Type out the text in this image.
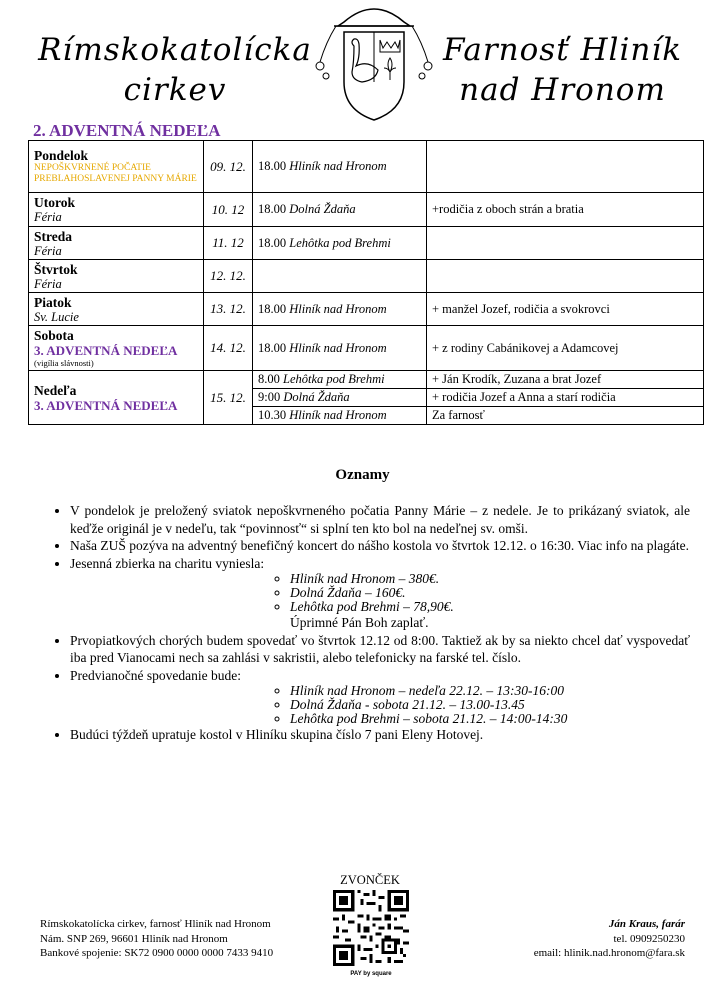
Rímskokatolícka
cirkev
Farnosť Hliník
nad Hronom
2. ADVENTNÁ NEDEĽA
Pondelok
NEPOŠKVRNENÉ POČATIE PREBLAHOSLAVENEJ PANNY MÁRIE	09. 12.	18.00 Hliník nad Hronom	

Utorok
Féria	10. 12	18.00 Dolná Ždaňa	+rodičia z oboch strán a bratia

Streda
Féria	11. 12	18.00 Lehôtka pod Brehmi	

Štvrtok
Féria	12. 12.		

Piatok
Sv. Lucie	13. 12.	18.00 Hliník nad Hronom	+ manžel Jozef, rodičia a svokrovci

Sobota
3. ADVENTNÁ NEDEĽA
(vigília slávnosti)	14. 12.	18.00 Hliník nad Hronom	+ z rodiny Cabánikovej a Adamcovej

Nedeľa
3. ADVENTNÁ NEDEĽA	15. 12.	8.00 Lehôtka pod Brehmi	+ Ján Krodík, Zuzana a brat Jozef
		9:00 Dolná Ždaňa	+ rodičia Jozef a Anna a starí rodičia
		10.30 Hliník nad Hronom	Za farnosť
Oznamy
• V pondelok je preložený sviatok nepoškvrneného počatia Panny Márie – z nedele. Je to prikázaný sviatok, ale keďže originál je v nedeľu, tak “povinnosť“ si splní ten kto bol na nedeľnej sv. omši.
• Naša ZUŠ pozýva na adventný benefičný koncert do nášho kostola vo štvrtok 12.12. o 16:30. Viac info na plagáte.
• Jesenná zbierka na charitu vyniesla:
◦ Hliník nad Hronom – 380€.
◦ Dolná Ždaňa – 160€.
◦ Lehôtka pod Brehmi – 78,90€.
Úprimné Pán Boh zaplať.
• Prvopiatkových chorých budem spovedať vo štvrtok 12.12 od 8:00. Taktiež ak by sa niekto chcel dať vyspovedať iba pred Vianocami nech sa zahlási v sakristii, alebo telefonicky na farské tel. číslo.
• Predvianočné spovedanie bude:
◦ Hliník nad Hronom – nedeľa 22.12. – 13:30-16:00
◦ Dolná Ždaňa - sobota 21.12. – 13.00-13.45
◦ Lehôtka pod Brehmi – sobota 21.12. – 14:00-14:30
• Budúci týždeň upratuje kostol v Hliníku skupina číslo 7 pani Eleny Hotovej.
Rímskokatolícka cirkev, farnosť Hliník nad Hronom
Nám. SNP 269, 96601 Hliník nad Hronom
Bankové spojenie: SK72 0900 0000 0000 7433 9410
ZVONČEK
PAY by square
Ján Kraus, farár
tel. 0909250230
email: hlinik.nad.hronom@fara.sk
